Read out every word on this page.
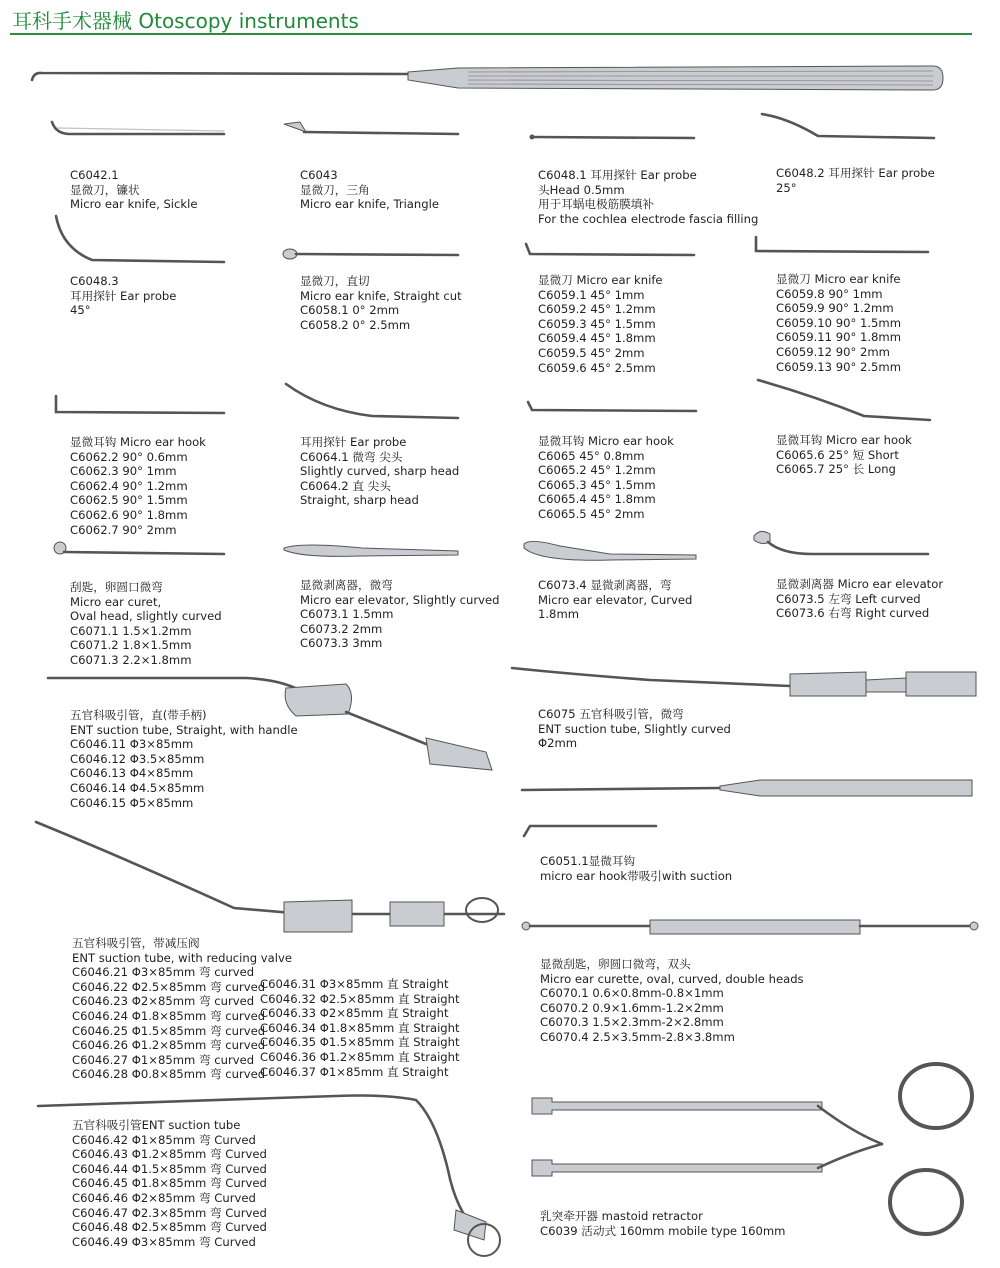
耳科手术器械 Otoscopy instruments
C6042.1
显微刀，镰状
Micro ear knife, Sickle
C6043
显微刀，三角
Micro ear knife, Triangle
C6048.1 耳用探针 Ear probe
头Head 0.5mm
用于耳蜗电极筋膜填补
For the cochlea electrode fascia filling
C6048.2 耳用探针 Ear probe
25°
C6048.3
耳用探针 Ear probe
45°
显微刀，直切
Micro ear knife, Straight cut
C6058.1 0° 2mm
C6058.2 0° 2.5mm
显微刀 Micro ear knife
C6059.1 45° 1mm
C6059.2 45° 1.2mm
C6059.3 45° 1.5mm
C6059.4 45° 1.8mm
C6059.5 45° 2mm
C6059.6 45° 2.5mm
显微刀 Micro ear knife
C6059.8 90° 1mm
C6059.9 90° 1.2mm
C6059.10 90° 1.5mm
C6059.11 90° 1.8mm
C6059.12 90° 2mm
C6059.13 90° 2.5mm
显微耳钩 Micro ear hook
C6062.2 90° 0.6mm
C6062.3 90° 1mm
C6062.4 90° 1.2mm
C6062.5 90° 1.5mm
C6062.6 90° 1.8mm
C6062.7 90° 2mm
耳用探针 Ear probe
C6064.1 微弯 尖头
Slightly curved, sharp head
C6064.2 直 尖头
Straight, sharp head
显微耳钩 Micro ear hook
C6065 45° 0.8mm
C6065.2 45° 1.2mm
C6065.3 45° 1.5mm
C6065.4 45° 1.8mm
C6065.5 45° 2mm
显微耳钩 Micro ear hook
C6065.6 25° 短 Short
C6065.7 25° 长 Long
刮匙，卵圆口微弯
Micro ear curet,
Oval head, slightly curved
C6071.1 1.5×1.2mm
C6071.2 1.8×1.5mm
C6071.3 2.2×1.8mm
显微剥离器，微弯
Micro ear elevator, Slightly curved
C6073.1 1.5mm
C6073.2 2mm
C6073.3 3mm
C6073.4 显微剥离器，弯
Micro ear elevator, Curved
1.8mm
显微剥离器 Micro ear elevator
C6073.5 左弯 Left curved
C6073.6 右弯 Right curved
五官科吸引管，直(带手柄)
ENT suction tube, Straight, with handle
C6046.11 Φ3×85mm
C6046.12 Φ3.5×85mm
C6046.13 Φ4×85mm
C6046.14 Φ4.5×85mm
C6046.15 Φ5×85mm
C6075 五官科吸引管，微弯
ENT suction tube, Slightly curved
Φ2mm
C6051.1显微耳钩
micro ear hook带吸引with suction
五官科吸引管，带减压阀
ENT suction tube, with reducing valve
C6046.21 Φ3×85mm 弯 curved
C6046.22 Φ2.5×85mm 弯 curved
C6046.23 Φ2×85mm 弯 curved
C6046.24 Φ1.8×85mm 弯 curved
C6046.25 Φ1.5×85mm 弯 curved
C6046.26 Φ1.2×85mm 弯 curved
C6046.27 Φ1×85mm 弯 curved
C6046.28 Φ0.8×85mm 弯 curved
C6046.31 Φ3×85mm 直 Straight
C6046.32 Φ2.5×85mm 直 Straight
C6046.33 Φ2×85mm 直 Straight
C6046.34 Φ1.8×85mm 直 Straight
C6046.35 Φ1.5×85mm 直 Straight
C6046.36 Φ1.2×85mm 直 Straight
C6046.37 Φ1×85mm 直 Straight
显微刮匙，卵圆口微弯，双头
Micro ear curette, oval, curved, double heads
C6070.1 0.6×0.8mm-0.8×1mm
C6070.2 0.9×1.6mm-1.2×2mm
C6070.3 1.5×2.3mm-2×2.8mm
C6070.4 2.5×3.5mm-2.8×3.8mm
五官科吸引管ENT suction tube
C6046.42 Φ1×85mm 弯 Curved
C6046.43 Φ1.2×85mm 弯 Curved
C6046.44 Φ1.5×85mm 弯 Curved
C6046.45 Φ1.8×85mm 弯 Curved
C6046.46 Φ2×85mm 弯 Curved
C6046.47 Φ2.3×85mm 弯 Curved
C6046.48 Φ2.5×85mm 弯 Curved
C6046.49 Φ3×85mm 弯 Curved
乳突牵开器 mastoid retractor
C6039 活动式 160mm mobile type 160mm
